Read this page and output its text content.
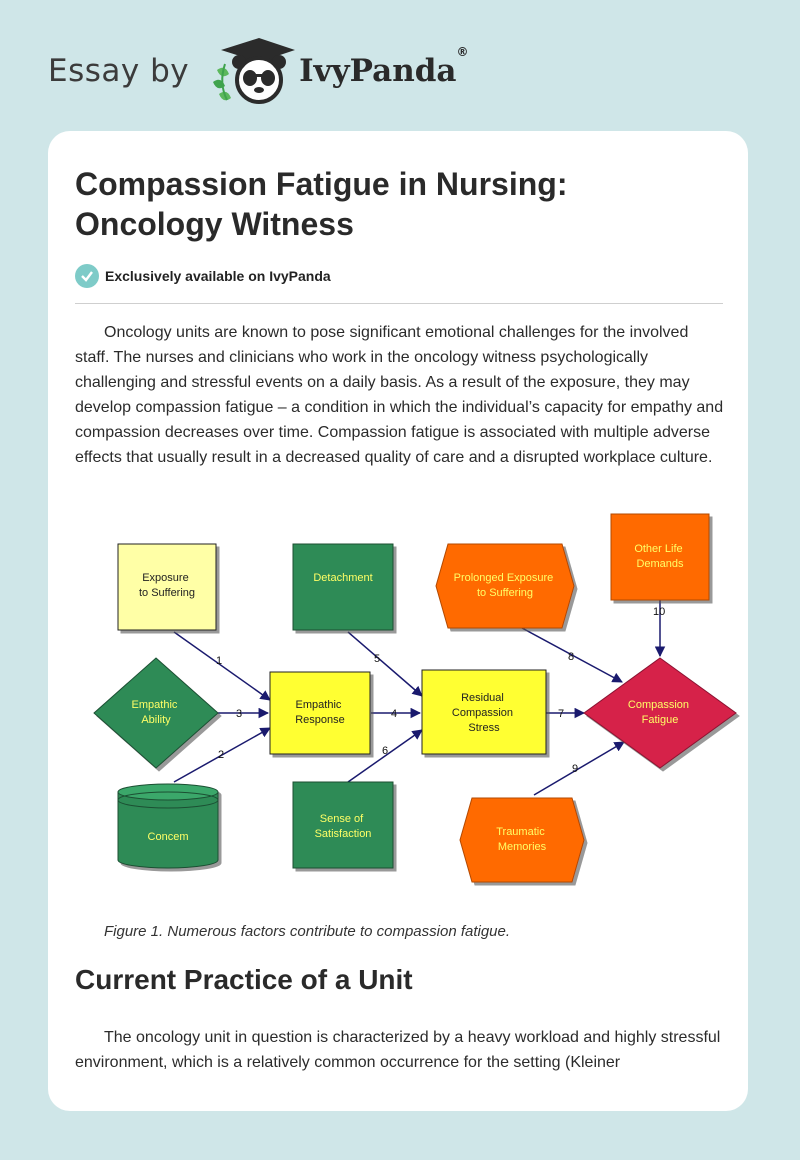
Essay by	IvyPanda®
Compassion Fatigue in Nursing: Oncology Witness
Exclusively available on IvyPanda

Oncology units are known to pose significant emotional challenges for the involved staff. The nurses and clinicians who work in the oncology witness psychologically challenging and stressful events on a daily basis. As a result of the exposure, they may develop compassion fatigue – a condition in which the individual’s capacity for empathy and compassion decreases over time. Compassion fatigue is associated with multiple adverse effects that usually result in a decreased quality of care and a disrupted workplace culture.

Figure 1. Numerous factors contribute to compassion fatigue.
Current Practice of a Unit

The oncology unit in question is characterized by a heavy workload and highly stressful environment, which is a relatively common occurrence for the setting (Kleiner

1
2
3	4
5
6
7
8
9
10
Exposure to Suffering
Detachment	Prolonged Exposure to Suffering
Other Life Demands
Empathic Ability
Empathic Response
Residual Compassion Stress
Compassion Fatigue
Concem
Sense of Satisfaction	Traumatic Memories
